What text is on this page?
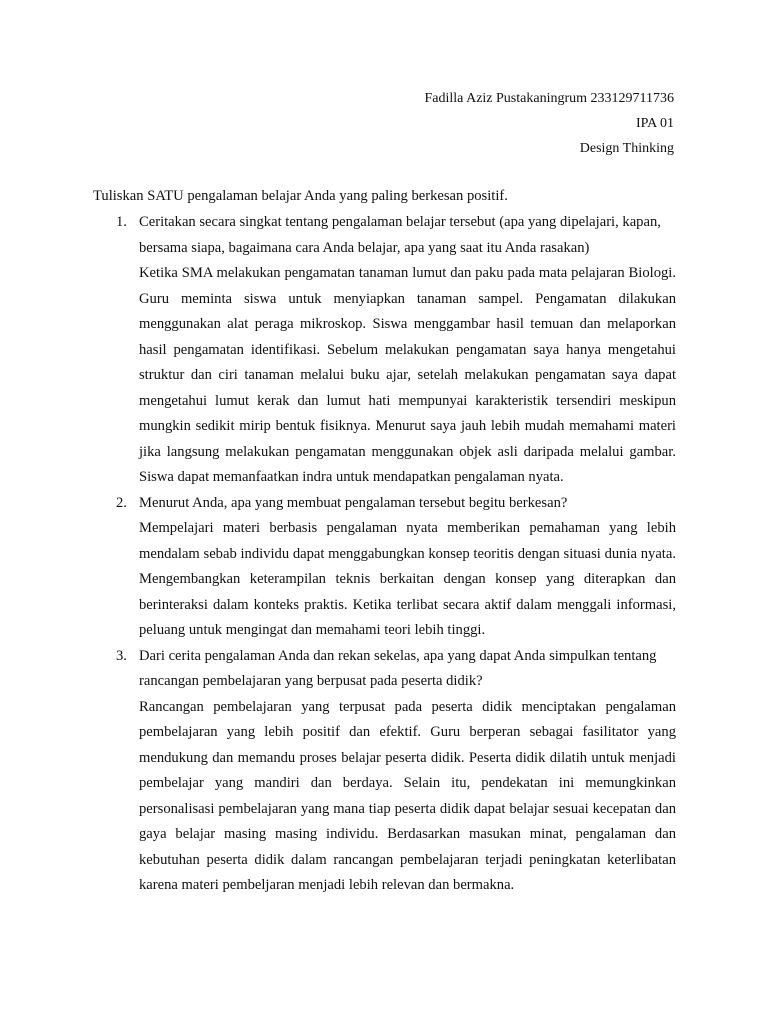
Fadilla Aziz Pustakaningrum 233129711736
IPA 01
Design Thinking
Tuliskan SATU pengalaman belajar Anda yang paling berkesan positif.
1. Ceritakan secara singkat tentang pengalaman belajar tersebut (apa yang dipelajari, kapan, bersama siapa, bagaimana cara Anda belajar, apa yang saat itu Anda rasakan)

Ketika SMA melakukan pengamatan tanaman lumut dan paku pada mata pelajaran Biologi. Guru meminta siswa untuk menyiapkan tanaman sampel. Pengamatan dilakukan menggunakan alat peraga mikroskop. Siswa menggambar hasil temuan dan melaporkan hasil pengamatan identifikasi. Sebelum melakukan pengamatan saya hanya mengetahui struktur dan ciri tanaman melalui buku ajar, setelah melakukan pengamatan saya dapat mengetahui lumut kerak dan lumut hati mempunyai karakteristik tersendiri meskipun mungkin sedikit mirip bentuk fisiknya. Menurut saya jauh lebih mudah memahami materi jika langsung melakukan pengamatan menggunakan objek asli daripada melalui gambar. Siswa dapat memanfaatkan indra untuk mendapatkan pengalaman nyata.

2. Menurut Anda, apa yang membuat pengalaman tersebut begitu berkesan?

Mempelajari materi berbasis pengalaman nyata memberikan pemahaman yang lebih mendalam sebab individu dapat menggabungkan konsep teoritis dengan situasi dunia nyata. Mengembangkan keterampilan teknis berkaitan dengan konsep yang diterapkan dan berinteraksi dalam konteks praktis. Ketika terlibat secara aktif dalam menggali informasi, peluang untuk mengingat dan memahami teori lebih tinggi.

3. Dari cerita pengalaman Anda dan rekan sekelas, apa yang dapat Anda simpulkan tentang rancangan pembelajaran yang berpusat pada peserta didik?

Rancangan pembelajaran yang terpusat pada peserta didik menciptakan pengalaman pembelajaran yang lebih positif dan efektif. Guru berperan sebagai fasilitator yang mendukung dan memandu proses belajar peserta didik. Peserta didik dilatih untuk menjadi pembelajar yang mandiri dan berdaya. Selain itu, pendekatan ini memungkinkan personalisasi pembelajaran yang mana tiap peserta didik dapat belajar sesuai kecepatan dan gaya belajar masing masing individu. Berdasarkan masukan minat, pengalaman dan kebutuhan peserta didik dalam rancangan pembelajaran terjadi peningkatan keterlibatan karena materi pembeljaran menjadi lebih relevan dan bermakna.
